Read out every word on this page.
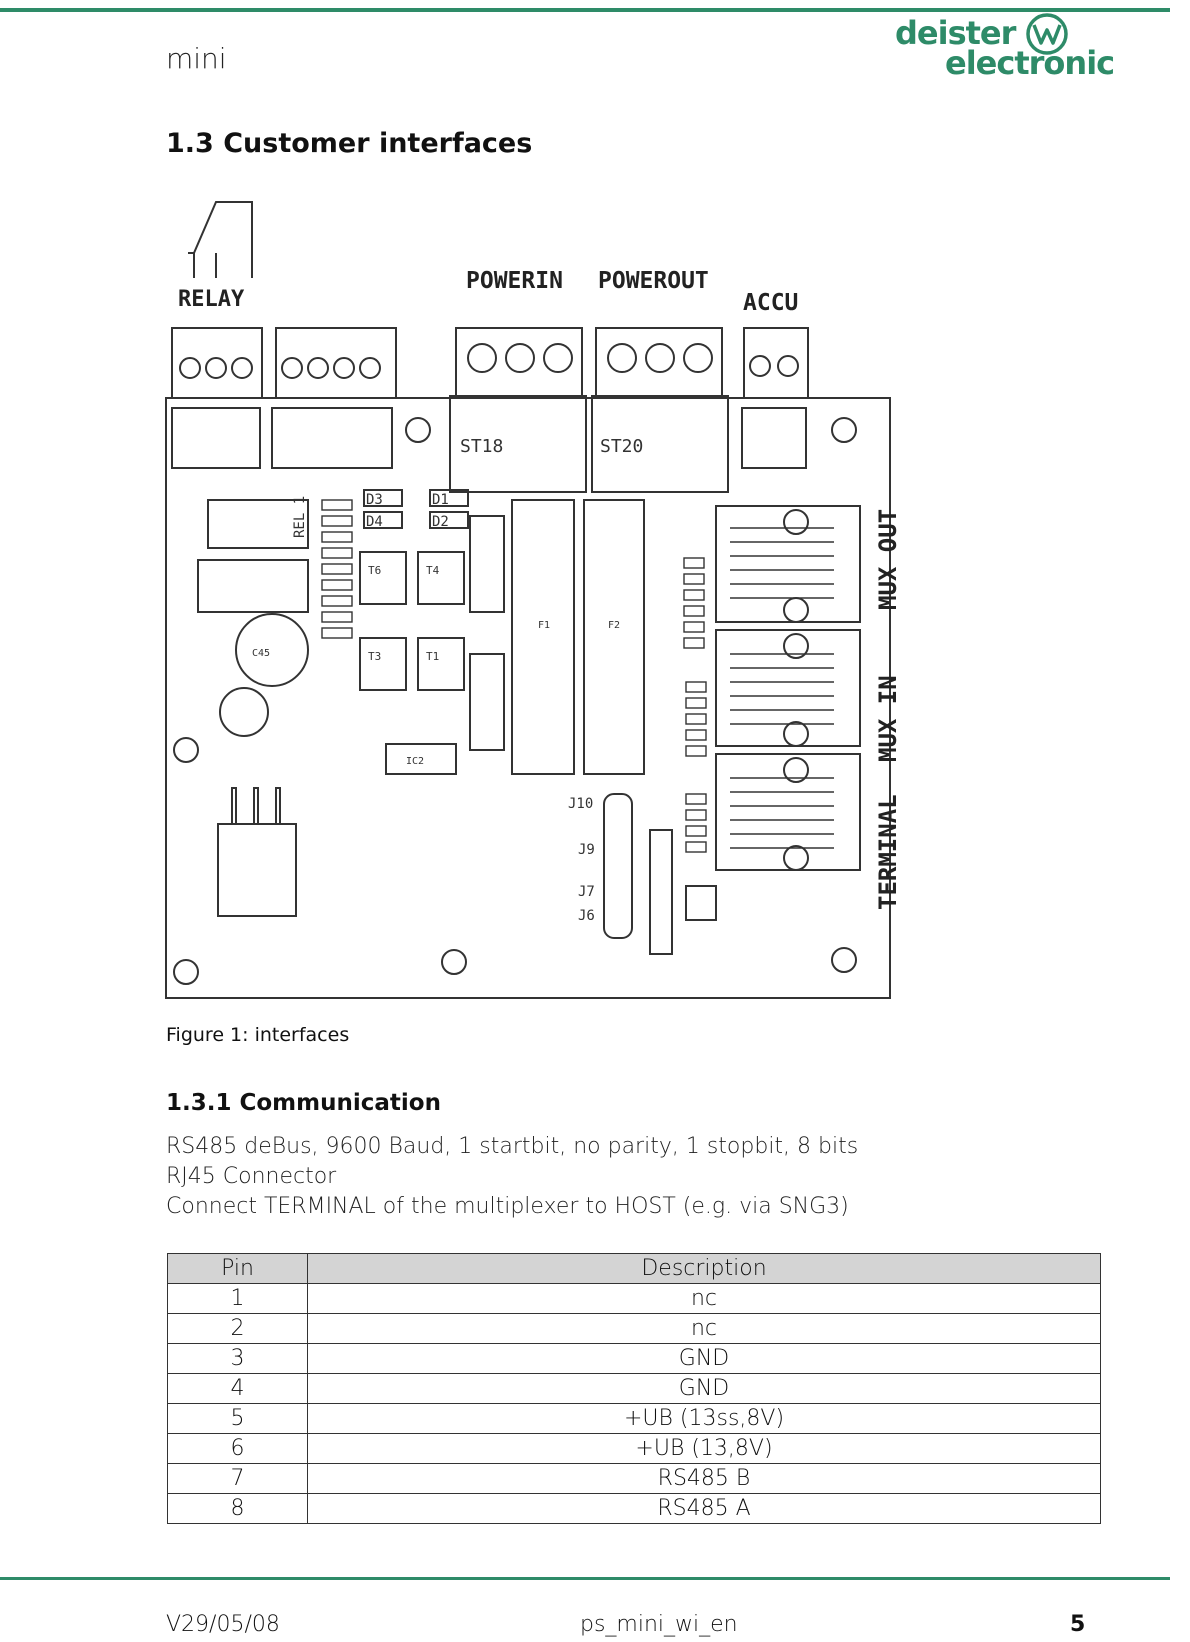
mini
deister
electronic
1.3 Customer interfaces
RELAY
POWERIN POWEROUT
ACCU
ST18	ST20
D3	D1
D4	D2
T6	T4
T3	T1
REL 1
C45
F1	F2
IC2
J10
J9
J7
J6
MUX OUT
MUX IN
TERMINAL
Figure 1: interfaces
1.3.1 Communication
RS485 deBus, 9600 Baud, 1 startbit, no parity, 1 stopbit, 8 bits
RJ45 Connector
Connect TERMINAL of the multiplexer to HOST (e.g. via SNG3)
Pin	Description
1	nc
2	nc
3	GND
4	GND
5	+UB (13ss,8V)
6	+UB (13,8V)
7	RS485 B
8	RS485 A
V29/05/08	ps_mini_wi_en	5
